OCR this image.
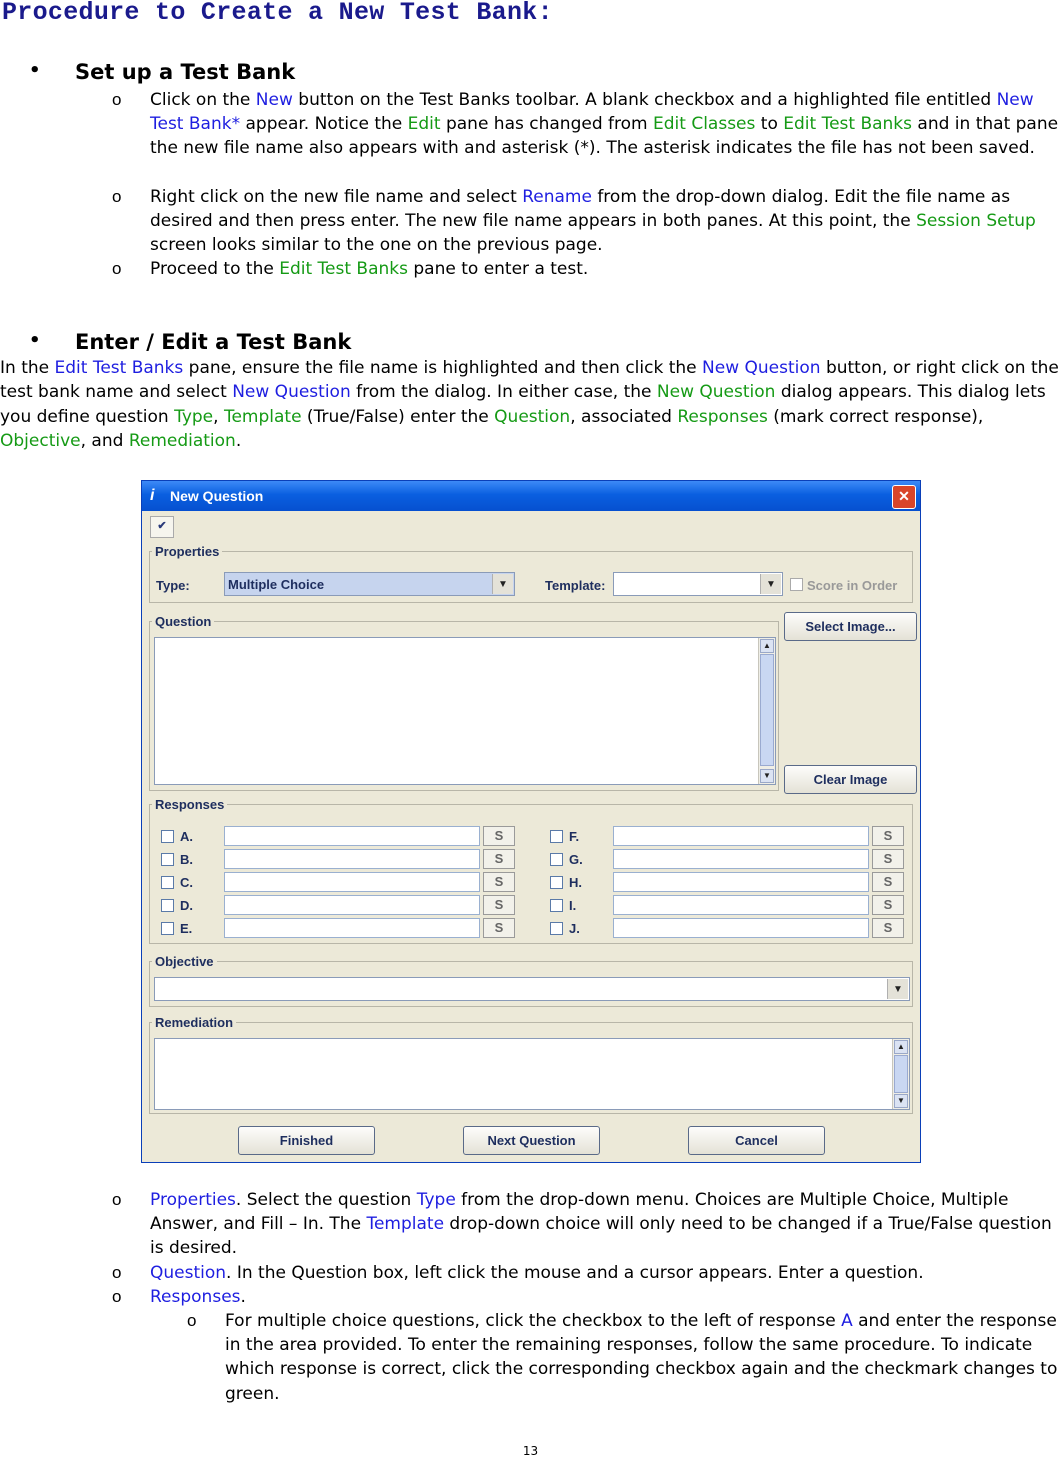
Procedure to Create a New Test Bank:
• Set up a Test Bank
o Click on the New button on the Test Banks toolbar. A blank checkbox and a highlighted file entitled New Test Bank* appear. Notice the Edit pane has changed from Edit Classes to Edit Test Banks and in that pane the new file name also appears with and asterisk (*). The asterisk indicates the file has not been saved.
o Right click on the new file name and select Rename from the drop-down dialog. Edit the file name as desired and then press enter. The new file name appears in both panes. At this point, the Session Setup screen looks similar to the one on the previous page.
o Proceed to the Edit Test Banks pane to enter a test.
• Enter / Edit a Test Bank
In the Edit Test Banks pane, ensure the file name is highlighted and then click the New Question button, or right click on the test bank name and select New Question from the dialog. In either case, the New Question dialog appears. This dialog lets you define question Type, Template (True/False) enter the Question, associated Responses (mark correct response), Objective, and Remediation.
i New Question	✕
✔
Properties
Type:	Multiple Choice	▼	Template:	▼	Score in Order
Question
▲
▼
Select Image...
Clear Image
Responses
Objective
▼
Remediation
▲
▼
Finished	Next Question	Cancel
A.	S
B.	S
C.	S
D.	S
E.	S
F.	S
G.	S
H.	S
I.	S
J.	S
o Properties. Select the question Type from the drop-down menu. Choices are Multiple Choice, Multiple Answer, and Fill – In. The Template drop-down choice will only need to be changed if a True/False question is desired.
o Question. In the Question box, left click the mouse and a cursor appears. Enter a question.
o Responses.
o For multiple choice questions, click the checkbox to the left of response A and enter the response in the area provided. To enter the remaining responses, follow the same procedure. To indicate which response is correct, click the corresponding checkbox again and the checkmark changes to green.
13
